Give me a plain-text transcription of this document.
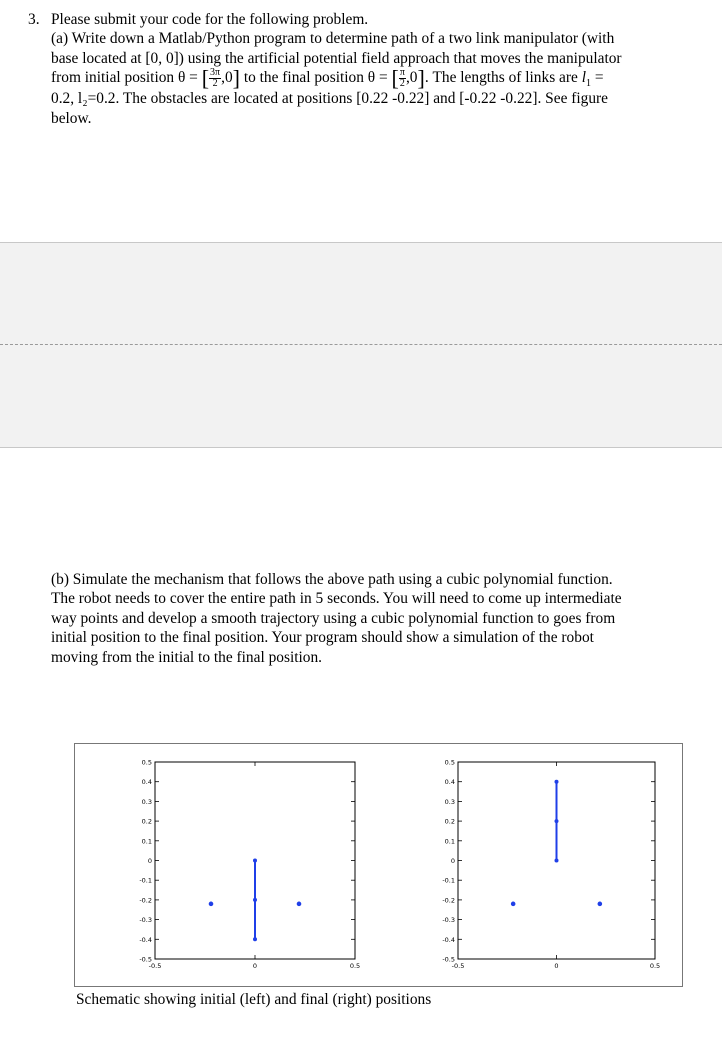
3. Please submit your code for the following problem.
(a) Write down a Matlab/Python program to determine path of a two link manipulator (with
base located at [0, 0]) using the artificial potential field approach that moves the manipulator
from initial position θ = [ $\frac{3\pi}{2} ,0$] to the final position θ = [ $\frac{\pi}{2} ,0$]. The lengths of links are $l_1$ =
0.2, l₂=0.2. The obstacles are located at positions [0.22 -0.22] and [-0.22 -0.22]. See figure
below.
(b) Simulate the mechanism that follows the above path using a cubic polynomial function.
The robot needs to cover the entire path in 5 seconds. You will need to come up intermediate
way points and develop a smooth trajectory using a cubic polynomial function to goes from
initial position to the final position. Your program should show a simulation of the robot
moving from the initial to the final position.
0.5
0.4
0.3
0.2
0.1
0
-0.1
-0.2
-0.3
-0.4
-0.5
-0.5	0	0.5
0.5
0.4
0.3
0.2
0.1
0
-0.1
-0.2
-0.3
-0.4
-0.5
-0.5	0	0.5
Schematic showing initial (left) and final (right) positions
